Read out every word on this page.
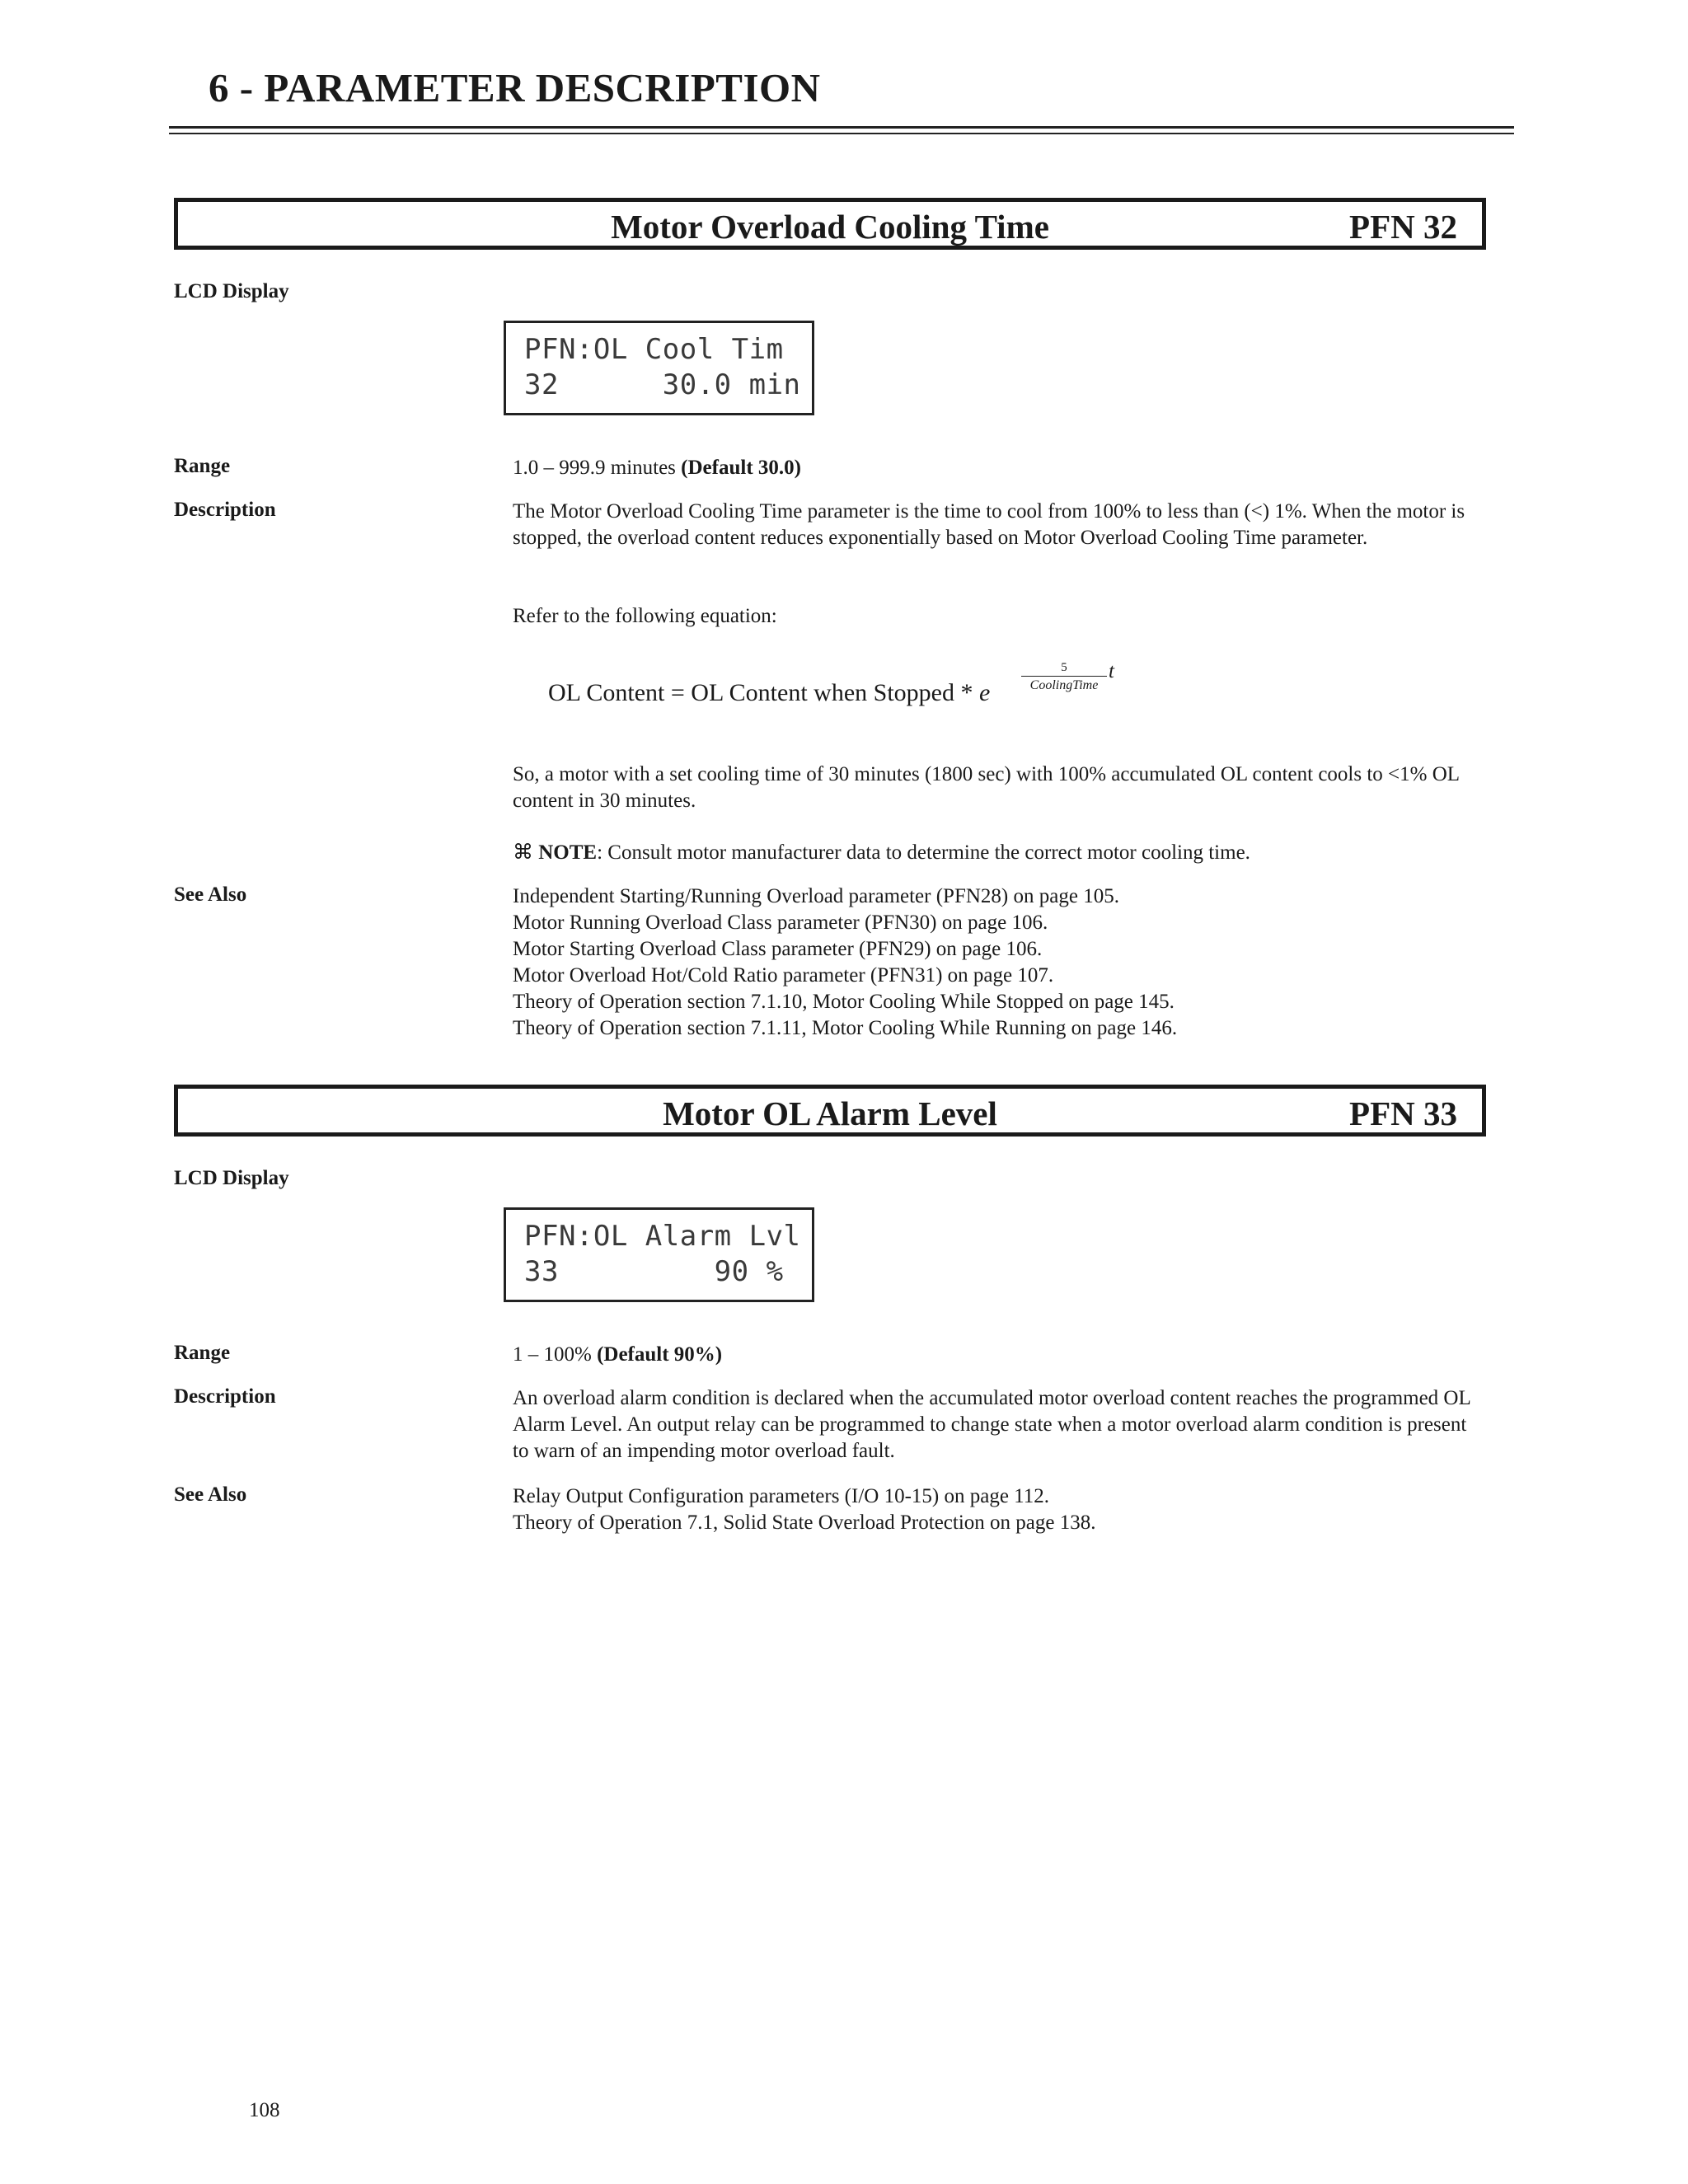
6 - PARAMETER DESCRIPTION
Motor Overload Cooling Time	PFN 32
LCD Display
PFN:OL Cool Tim
32      30.0 min
Range	1.0 – 999.9 minutes (Default 30.0)
Description	The Motor Overload Cooling Time parameter is the time to cool from 100% to less than (<) 1%. When the motor is stopped, the overload content reduces exponentially based on Motor Overload Cooling Time parameter.
Refer to the following equation:
OL Content = OL Content when Stopped * e
5
CoolingTime
t
So, a motor with a set cooling time of 30 minutes (1800 sec) with 100% accumulated OL content cools to <1% OL content in 30 minutes.
⌘ NOTE: Consult motor manufacturer data to determine the correct motor cooling time.
See Also	Independent Starting/Running Overload parameter (PFN28) on page 105.
Motor Running Overload Class parameter (PFN30) on page 106.
Motor Starting Overload Class parameter (PFN29) on page 106.
Motor Overload Hot/Cold Ratio parameter (PFN31) on page 107.
Theory of Operation section 7.1.10, Motor Cooling While Stopped on page 145.
Theory of Operation section 7.1.11, Motor Cooling While Running on page 146.
Motor OL Alarm Level	PFN 33
LCD Display
PFN:OL Alarm Lvl
33         90 %
Range	1 – 100% (Default 90%)
Description	An overload alarm condition is declared when the accumulated motor overload content reaches the programmed OL Alarm Level. An output relay can be programmed to change state when a motor overload alarm condition is present to warn of an impending motor overload fault.
See Also	Relay Output Configuration parameters (I/O 10-15) on page 112.
Theory of Operation 7.1, Solid State Overload Protection on page 138.
108
